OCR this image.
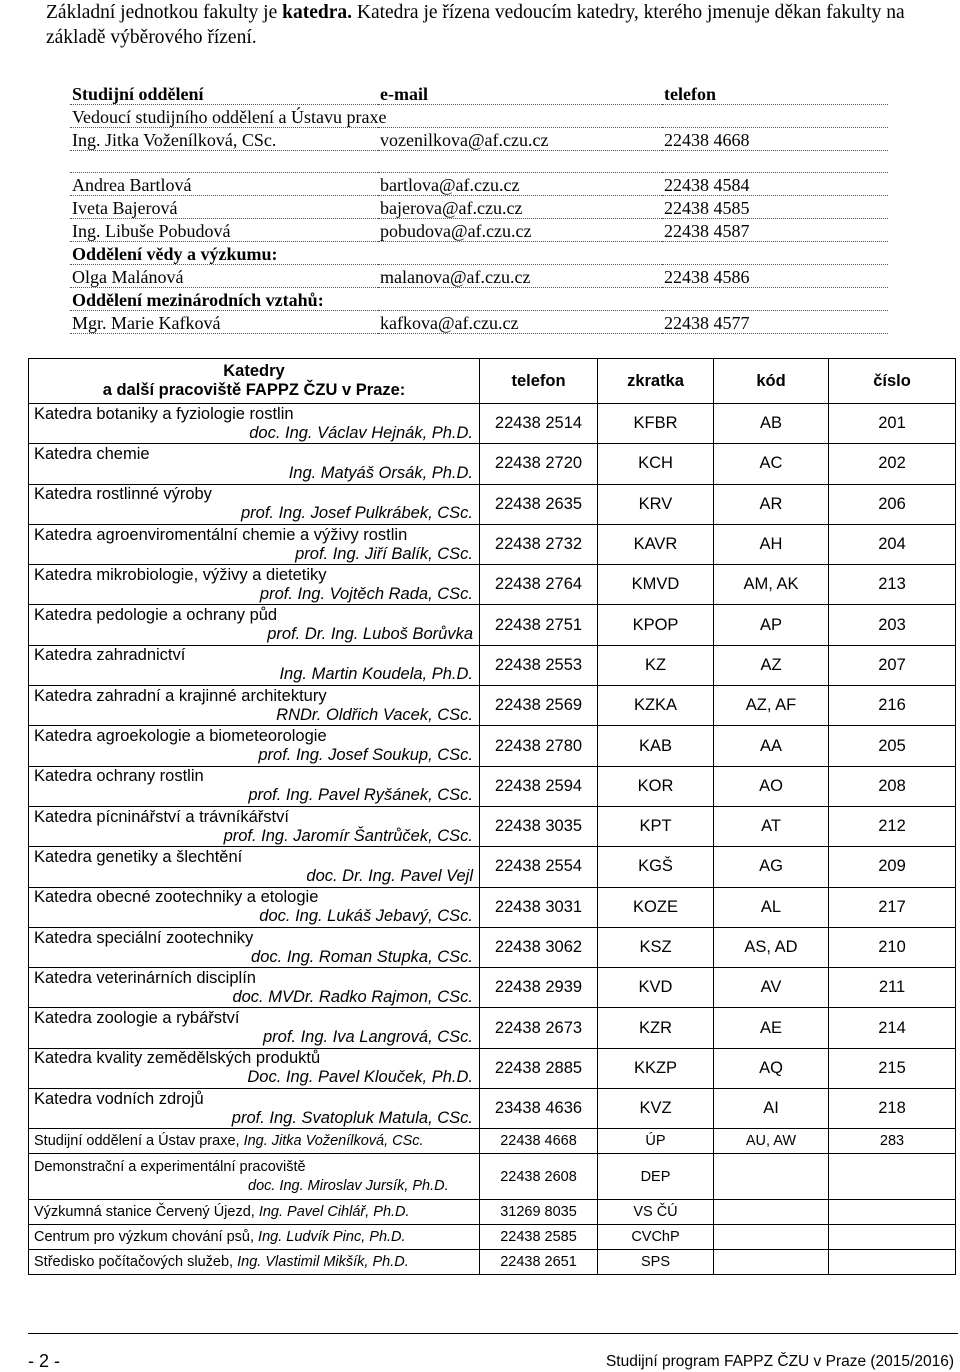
Základní jednotkou fakulty je katedra. Katedra je řízena vedoucím katedry, kterého jmenuje děkan fakulty na základě výběrového řízení.
Studijní oddělení	e-mail	telefon
Vedoucí studijního oddělení a Ústavu praxe		
Ing. Jitka Voženílková, CSc.	vozenilkova@af.czu.cz	22438 4668

Andrea Bartlová	bartlova@af.czu.cz	22438 4584
Iveta Bajerová	bajerova@af.czu.cz	22438 4585
Ing. Libuše Pobudová	pobudova@af.czu.cz	22438 4587
Oddělení vědy a výzkumu:		
Olga Malánová	malanova@af.czu.cz	22438 4586
Oddělení mezinárodních vztahů:		
Mgr. Marie Kafková	kafkova@af.czu.cz	22438 4577
Katedry
a další pracoviště FAPPZ ČZU v Praze:	telefon	zkratka	kód	číslo

Katedra botaniky a fyziologie rostlin
doc. Ing. Václav Hejnák, Ph.D.	22438 2514	KFBR	AB	201

Katedra chemie
Ing. Matyáš Orsák, Ph.D.	22438 2720	KCH	AC	202

Katedra rostlinné výroby
prof. Ing. Josef Pulkrábek, CSc.	22438 2635	KRV	AR	206

Katedra agroenviromentální chemie a výživy rostlin
prof. Ing. Jiří Balík, CSc.	22438 2732	KAVR	AH	204

Katedra mikrobiologie, výživy a dietetiky
prof. Ing. Vojtěch Rada, CSc.	22438 2764	KMVD	AM, AK	213

Katedra pedologie a ochrany půd
prof. Dr. Ing. Luboš Borůvka	22438 2751	KPOP	AP	203

Katedra zahradnictví
Ing. Martin Koudela, Ph.D.	22438 2553	KZ	AZ	207

Katedra zahradní a krajinné architektury
RNDr. Oldřich Vacek, CSc.	22438 2569	KZKA	AZ, AF	216

Katedra agroekologie a biometeorologie
prof. Ing. Josef Soukup, CSc.	22438 2780	KAB	AA	205

Katedra ochrany rostlin
prof. Ing. Pavel Ryšánek, CSc.	22438 2594	KOR	AO	208

Katedra pícninářství a trávníkářství
prof. Ing. Jaromír Šantrůček, CSc.	22438 3035	KPT	AT	212

Katedra genetiky a šlechtění
doc. Dr. Ing. Pavel Vejl	22438 2554	KGŠ	AG	209

Katedra obecné zootechniky a etologie
doc. Ing. Lukáš Jebavý, CSc.	22438 3031	KOZE	AL	217

Katedra speciální zootechniky
doc. Ing. Roman Stupka, CSc.	22438 3062	KSZ	AS, AD	210

Katedra veterinárních disciplín
doc. MVDr. Radko Rajmon, CSc.	22438 2939	KVD	AV	211

Katedra zoologie a rybářství
prof. Ing. Iva Langrová, CSc.	22438 2673	KZR	AE	214

Katedra kvality zemědělských produktů
Doc. Ing. Pavel Klouček, Ph.D.	22438 2885	KKZP	AQ	215

Katedra vodních zdrojů
prof. Ing. Svatopluk Matula, CSc.	23438 4636	KVZ	AI	218
Studijní oddělení a Ústav praxe, Ing. Jitka Voženílková, CSc.	22438 4668	ÚP	AU, AW	283

Demonstrační a experimentální pracoviště
doc. Ing. Miroslav Jursík, Ph.D.	22438 2608	DEP		
Výzkumná stanice Červený Újezd, Ing. Pavel Cihlář, Ph.D.	31269 8035	VS ČÚ		
Centrum pro výzkum chování psů, Ing. Ludvík Pinc, Ph.D.	22438 2585	CVChP		
Středisko počítačových služeb, Ing. Vlastimil Mikšík, Ph.D.	22438 2651	SPS		
- 2 -	Studijní program FAPPZ ČZU v Praze (2015/2016)
